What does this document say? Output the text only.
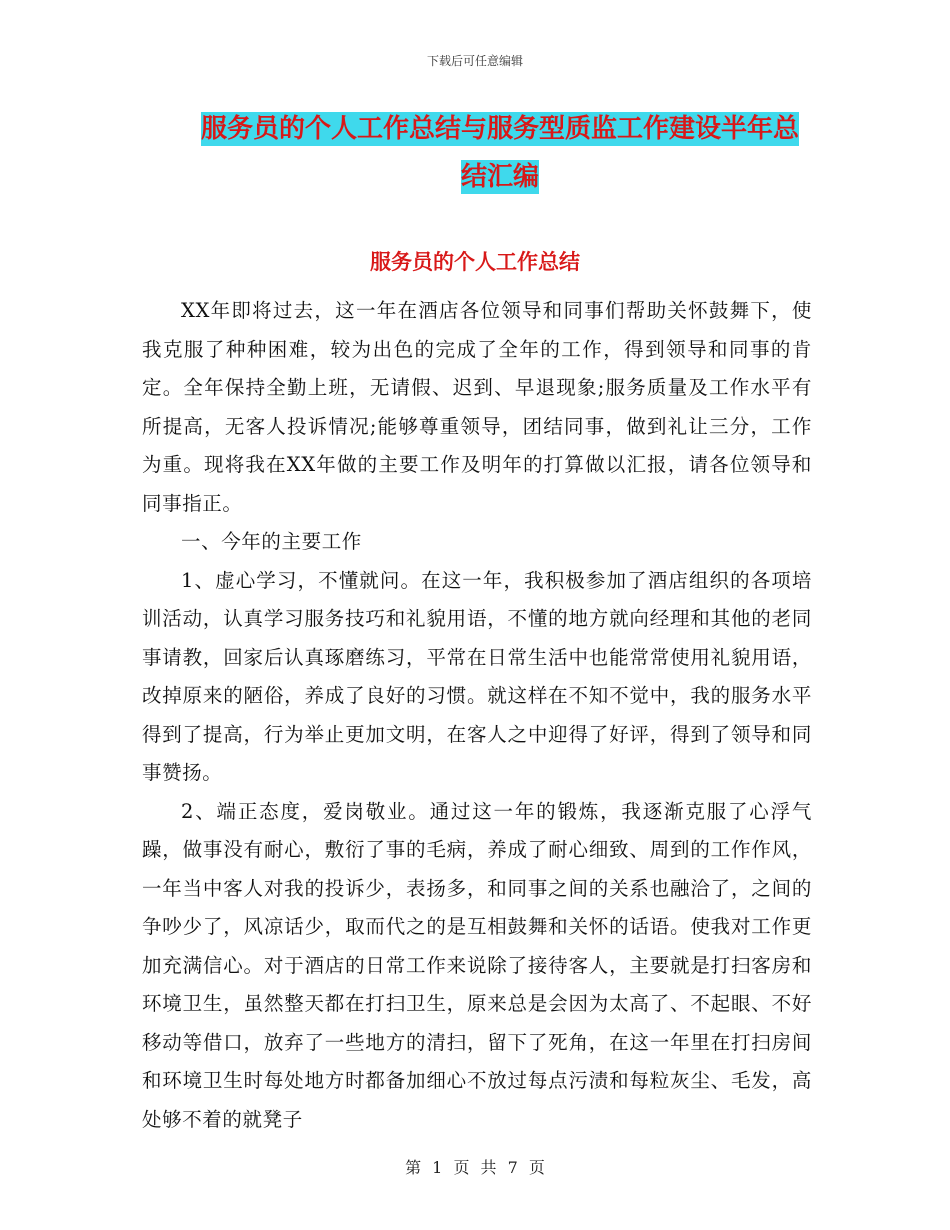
下载后可任意编辑
服务员的个人工作总结与服务型质监工作建设半年总结汇编
服务员的个人工作总结

XX年即将过去，这一年在酒店各位领导和同事们帮助关怀鼓舞下，使我克服了种种困难，较为出色的完成了全年的工作，得到领导和同事的肯定。全年保持全勤上班，无请假、迟到、早退现象;服务质量及工作水平有所提高，无客人投诉情况;能够尊重领导，团结同事，做到礼让三分，工作为重。现将我在XX年做的主要工作及明年的打算做以汇报，请各位领导和同事指正。

一、今年的主要工作

1、虚心学习，不懂就问。在这一年，我积极参加了酒店组织的各项培训活动，认真学习服务技巧和礼貌用语，不懂的地方就向经理和其他的老同事请教，回家后认真琢磨练习，平常在日常生活中也能常常使用礼貌用语，改掉原来的陋俗，养成了良好的习惯。就这样在不知不觉中，我的服务水平得到了提高，行为举止更加文明，在客人之中迎得了好评，得到了领导和同事赞扬。

2、端正态度，爱岗敬业。通过这一年的锻炼，我逐渐克服了心浮气躁，做事没有耐心，敷衍了事的毛病，养成了耐心细致、周到的工作作风，一年当中客人对我的投诉少，表扬多，和同事之间的关系也融洽了，之间的争吵少了，风凉话少，取而代之的是互相鼓舞和关怀的话语。使我对工作更加充满信心。对于酒店的日常工作来说除了接待客人，主要就是打扫客房和环境卫生，虽然整天都在打扫卫生，原来总是会因为太高了、不起眼、不好移动等借口，放弃了一些地方的清扫，留下了死角，在这一年里在打扫房间和环境卫生时每处地方时都备加细心不放过每点污渍和每粒灰尘、毛发，高处够不着的就凳子

第 1 页 共 7 页
